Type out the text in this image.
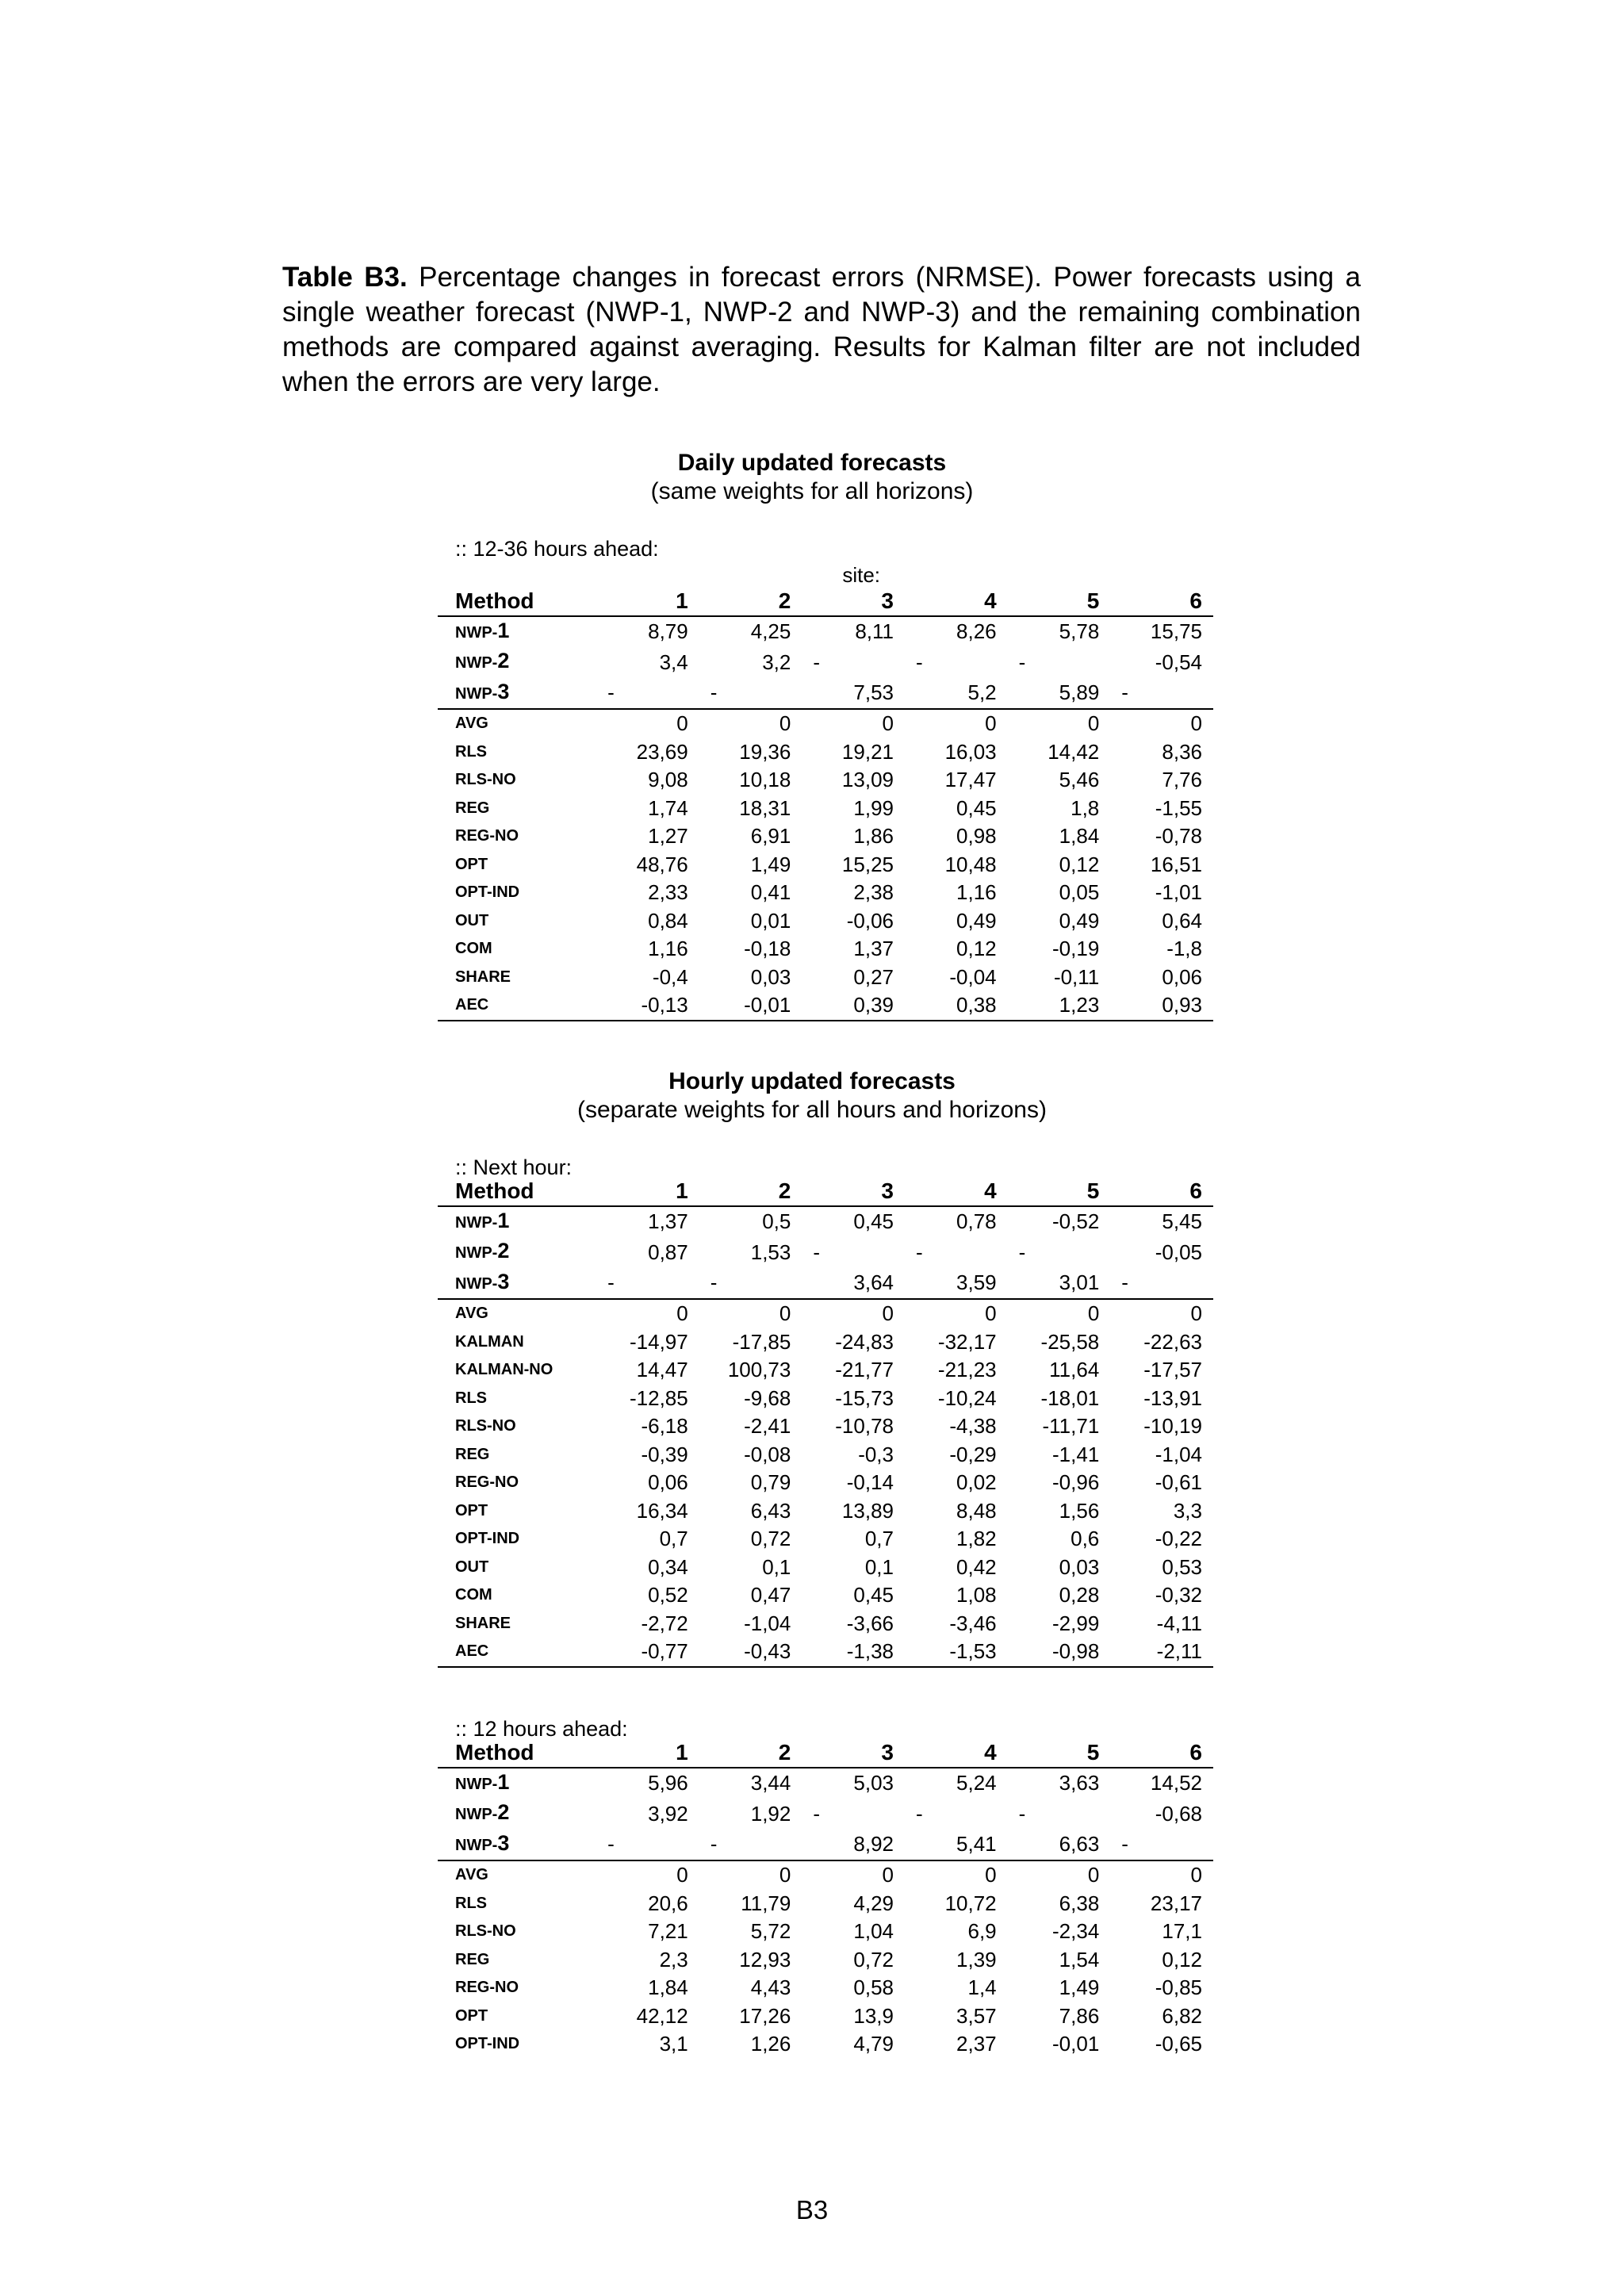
Table B3. Percentage changes in forecast errors (NRMSE). Power forecasts using a single weather forecast (NWP-1, NWP-2 and NWP-3) and the remaining combination methods are compared against averaging. Results for Kalman filter are not included when the errors are very large.
Daily updated forecasts
(same weights for all horizons)
:: 12-36 hours ahead:
			site:			
Method	1	2	3	4	5	6
NWP-1	8,79	4,25	8,11	8,26	5,78	15,75
NWP-2	3,4	3,2	-	-	-	-0,54
NWP-3	-	-	7,53	5,2	5,89	-
AVG	0	0	0	0	0	0
RLS	23,69	19,36	19,21	16,03	14,42	8,36
RLS-NO	9,08	10,18	13,09	17,47	5,46	7,76
REG	1,74	18,31	1,99	0,45	1,8	-1,55
REG-NO	1,27	6,91	1,86	0,98	1,84	-0,78
OPT	48,76	1,49	15,25	10,48	0,12	16,51
OPT-IND	2,33	0,41	2,38	1,16	0,05	-1,01
OUT	0,84	0,01	-0,06	0,49	0,49	0,64
COM	1,16	-0,18	1,37	0,12	-0,19	-1,8
SHARE	-0,4	0,03	0,27	-0,04	-0,11	0,06
AEC	-0,13	-0,01	0,39	0,38	1,23	0,93
Hourly updated forecasts
(separate weights for all hours and horizons)
:: Next hour:
Method	1	2	3	4	5	6
NWP-1	1,37	0,5	0,45	0,78	-0,52	5,45
NWP-2	0,87	1,53	-	-	-	-0,05
NWP-3	-	-	3,64	3,59	3,01	-
AVG	0	0	0	0	0	0
KALMAN	-14,97	-17,85	-24,83	-32,17	-25,58	-22,63
KALMAN-NO	14,47	100,73	-21,77	-21,23	11,64	-17,57
RLS	-12,85	-9,68	-15,73	-10,24	-18,01	-13,91
RLS-NO	-6,18	-2,41	-10,78	-4,38	-11,71	-10,19
REG	-0,39	-0,08	-0,3	-0,29	-1,41	-1,04
REG-NO	0,06	0,79	-0,14	0,02	-0,96	-0,61
OPT	16,34	6,43	13,89	8,48	1,56	3,3
OPT-IND	0,7	0,72	0,7	1,82	0,6	-0,22
OUT	0,34	0,1	0,1	0,42	0,03	0,53
COM	0,52	0,47	0,45	1,08	0,28	-0,32
SHARE	-2,72	-1,04	-3,66	-3,46	-2,99	-4,11
AEC	-0,77	-0,43	-1,38	-1,53	-0,98	-2,11
:: 12 hours ahead:
Method	1	2	3	4	5	6
NWP-1	5,96	3,44	5,03	5,24	3,63	14,52
NWP-2	3,92	1,92	-	-	-	-0,68
NWP-3	-	-	8,92	5,41	6,63	-
AVG	0	0	0	0	0	0
RLS	20,6	11,79	4,29	10,72	6,38	23,17
RLS-NO	7,21	5,72	1,04	6,9	-2,34	17,1
REG	2,3	12,93	0,72	1,39	1,54	0,12
REG-NO	1,84	4,43	0,58	1,4	1,49	-0,85
OPT	42,12	17,26	13,9	3,57	7,86	6,82
OPT-IND	3,1	1,26	4,79	2,37	-0,01	-0,65
B3
